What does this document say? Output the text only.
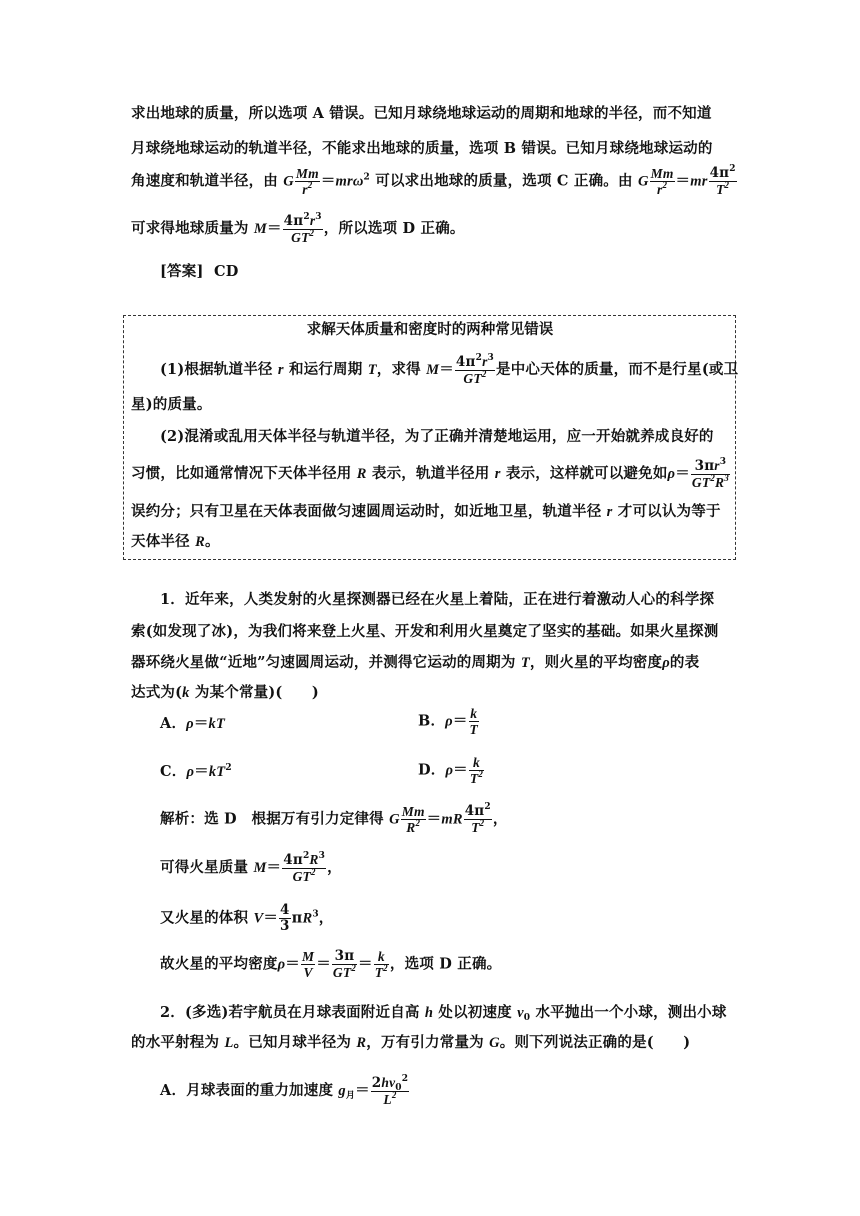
求出地球的质量，所以选项 A 错误。已知月球绕地球运动的周期和地球的半径，而不知道
月球绕地球运动的轨道半径，不能求出地球的质量，选项 B 错误。已知月球绕地球运动的
角速度和轨道半径，由 G $\frac{Mm}{r^2} =mr\omega^2$ 可以求出地球的质量，选项 C 正确。由 G $\frac{Mm}{r^2} =mr \frac{4\pi^2}{T^2}$
可求得地球质量为 $M= \frac{4\pi^2r^3}{GT^2}$ ，所以选项 D 正确。
[答案] CD
求解天体质量和密度时的两种常见错误
(1)根据轨道半径 r 和运行周期 T，求得 $M= \frac{4\pi^2r^3}{GT^2}$ 是中心天体的质量，而不是行星(或卫
星)的质量。
(2)混淆或乱用天体半径与轨道半径，为了正确并清楚地运用，应一开始就养成良好的
习惯，比如通常情况下天体半径用 R 表示，轨道半径用 r 表示，这样就可以避免如$\rho= \frac{3\pi r^3}{GT^2R^3}$
误约分；只有卫星在天体表面做匀速圆周运动时，如近地卫星，轨道半径 r 才可以认为等于
天体半径 R。
1．近年来，人类发射的火星探测器已经在火星上着陆，正在进行着激动人心的科学探
索(如发现了冰)，为我们将来登上火星、开发和利用火星奠定了坚实的基础。如果火星探测
器环绕火星做“近地”匀速圆周运动，并测得它运动的周期为 T，则火星的平均密度ρ的表
达式为(k 为某个常量)(　　)
A．ρ＝kT	B．$\rho= \frac{k}{T}$
C．$\rho=kT^2$	D．$\rho= \frac{k}{T^2}$
解析：选 D　根据万有引力定律得 G $\frac{Mm}{R^2} =mR \frac{4\pi^2}{T^2}$ ，
可得火星质量 $M= \frac{4\pi^2R^3}{GT^2}$ ，
又火星的体积 $V= \frac{4}{3} \pi R^3$，
故火星的平均密度$\rho= \frac{M}{V} = \frac{3\pi}{GT^2} = \frac{k}{T^2}$ ，选项 D 正确。
2．(多选)若宇航员在月球表面附近自高 h 处以初速度 $v_0$ 水平抛出一个小球，测出小球
的水平射程为 L。已知月球半径为 R，万有引力常量为 G。则下列说法正确的是(　　)
A．月球表面的重力加速度 $g_月= \frac{2hv_0^2}{L^2}$
